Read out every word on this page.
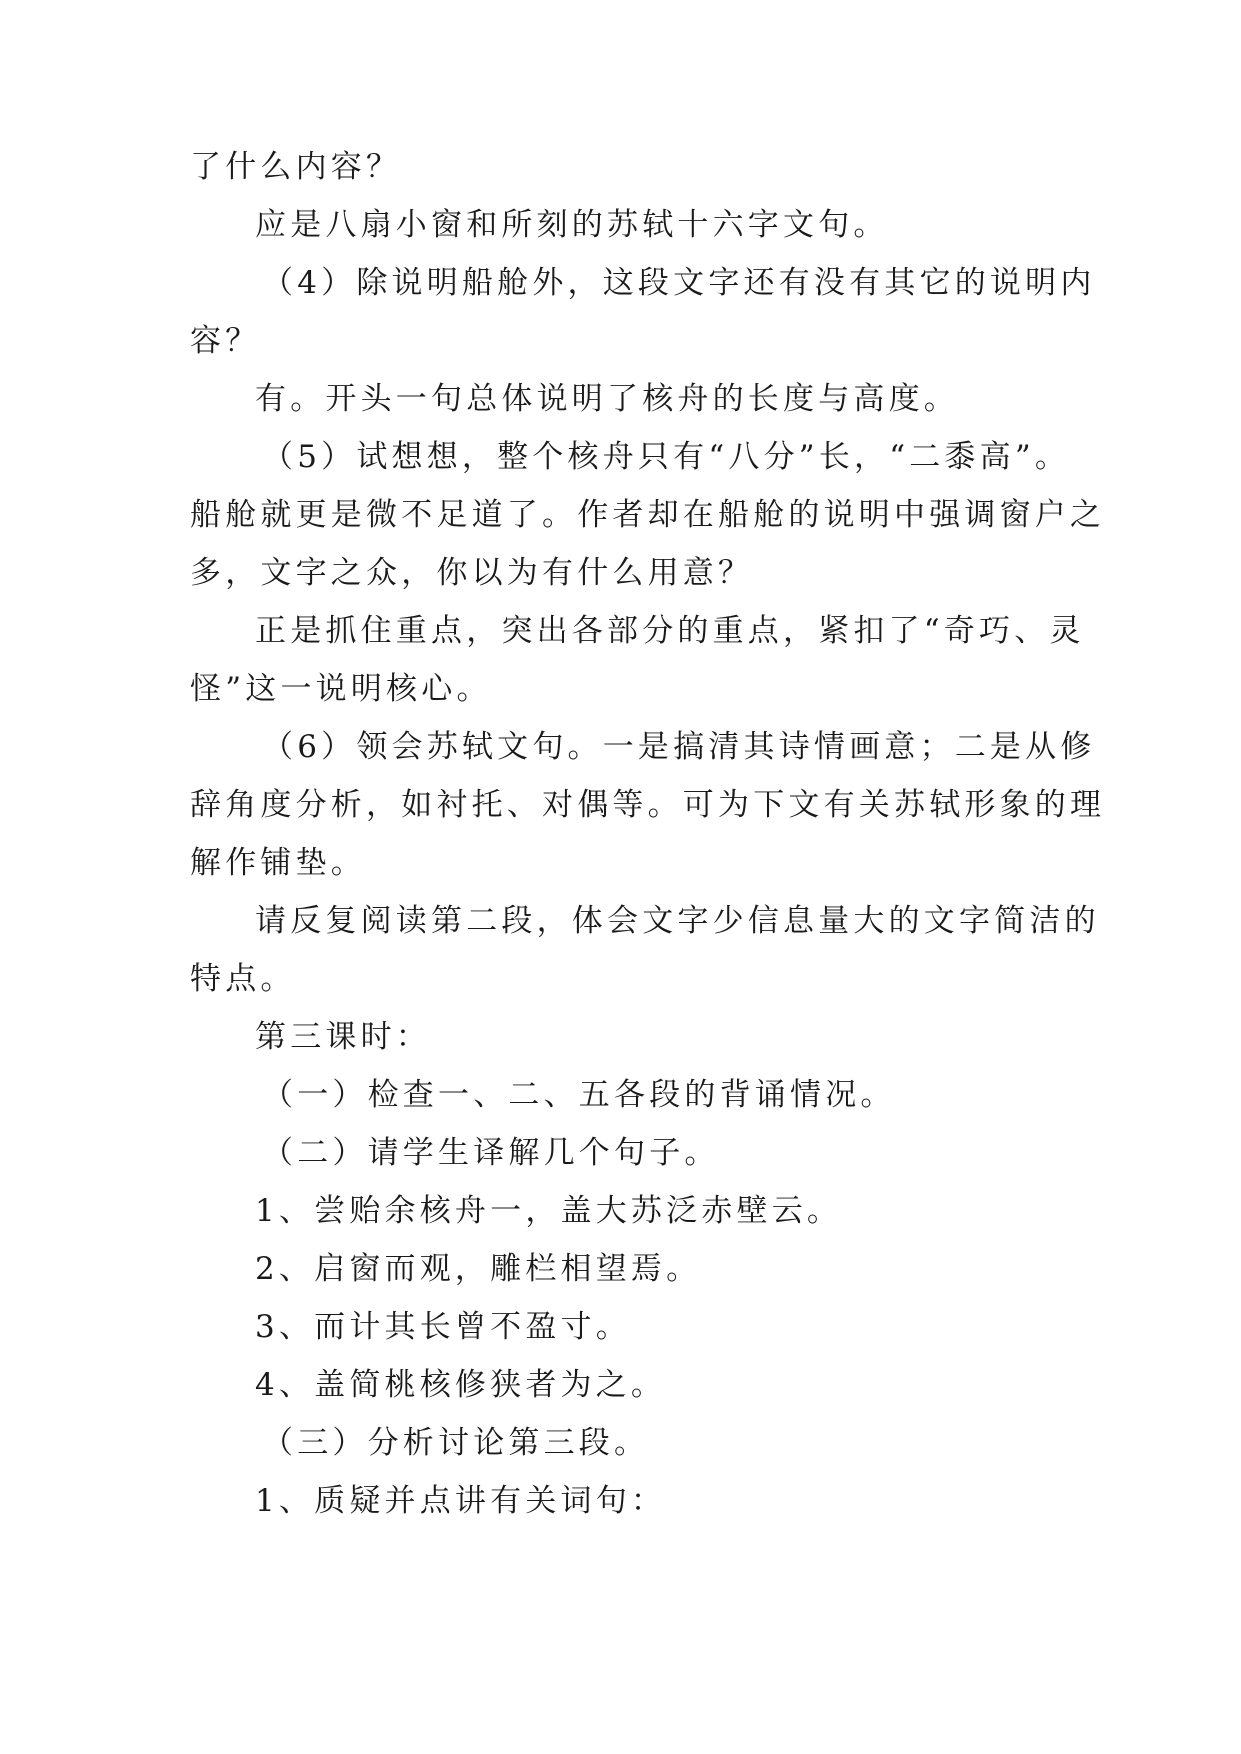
了什么内容？
应是八扇小窗和所刻的苏轼十六字文句。
（4）除说明船舱外，这段文字还有没有其它的说明内
容？
有。开头一句总体说明了核舟的长度与高度。
（5）试想想，整个核舟只有“八分”长，“二黍高”。
船舱就更是微不足道了。作者却在船舱的说明中强调窗户之
多，文字之众，你以为有什么用意？
正是抓住重点，突出各部分的重点，紧扣了“奇巧、灵
怪”这一说明核心。
（6）领会苏轼文句。一是搞清其诗情画意；二是从修
辞角度分析，如衬托、对偶等。可为下文有关苏轼形象的理
解作铺垫。
请反复阅读第二段，体会文字少信息量大的文字简洁的
特点。
第三课时：
（一）检查一、二、五各段的背诵情况。
（二）请学生译解几个句子。
1、尝贻余核舟一，盖大苏泛赤壁云。
2、启窗而观，雕栏相望焉。
3、而计其长曾不盈寸。
4、盖简桃核修狭者为之。
（三）分析讨论第三段。
1、质疑并点讲有关词句：
